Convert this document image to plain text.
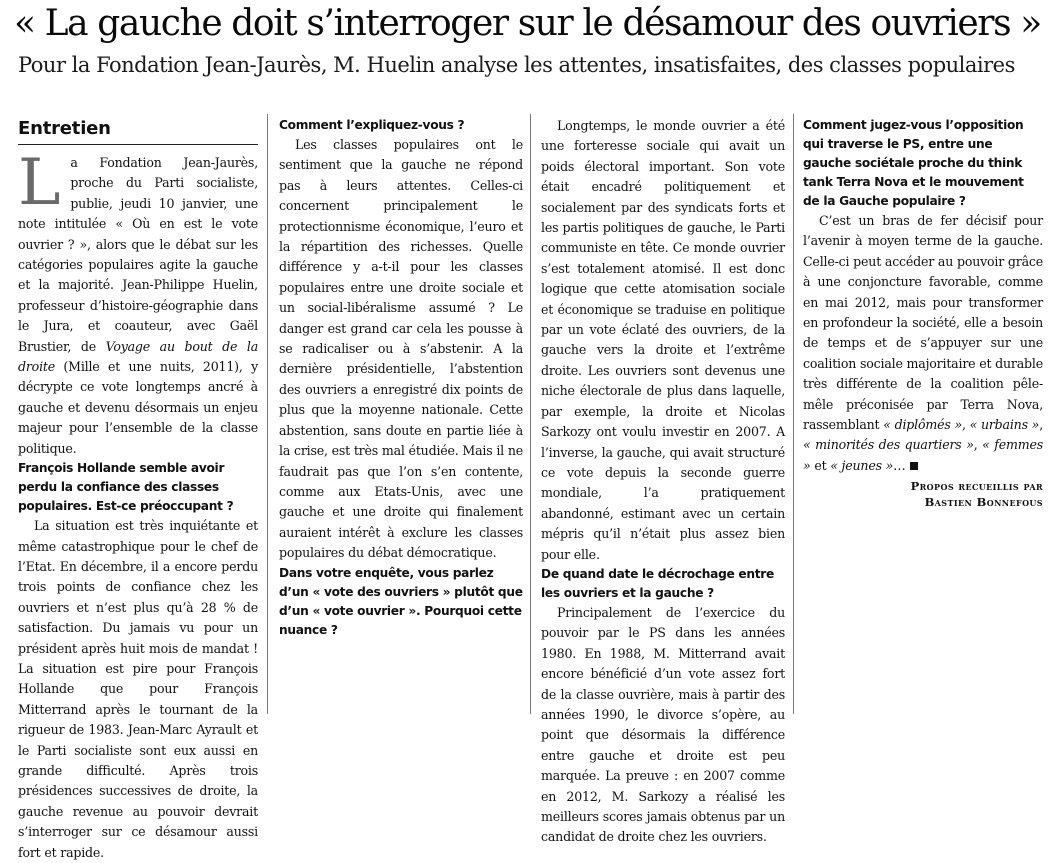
« La gauche doit s’interroger sur le désamour des ouvriers »
Pour la Fondation Jean-Jaurès, M. Huelin analyse les attentes, insatisfaites, des classes populaires
Entretien

La Fondation Jean-Jaurès, proche du Parti socialiste, publie, jeudi 10 janvier, une note intitulée « Où en est le vote ouvrier ? », alors que le débat sur les catégories populaires agite la gauche et la majorité. Jean-Philippe Huelin, professeur d’histoire-géographie dans le Jura, et coauteur, avec Gaël Brustier, de Voyage au bout de la droite (Mille et une nuits, 2011), y décrypte ce vote longtemps ancré à gauche et devenu désormais un enjeu majeur pour l’ensemble de la classe politique.

François Hollande semble avoir perdu la confiance des classes populaires. Est-ce préoccupant ?

La situation est très inquiétante et même catastrophique pour le chef de l’Etat. En décembre, il a encore perdu trois points de confiance chez les ouvriers et n’est plus qu’à 28 % de satisfaction. Du jamais vu pour un président après huit mois de mandat ! La situation est pire pour François Hollande que pour François Mitterrand après le tournant de la rigueur de 1983. Jean-Marc Ayrault et le Parti socialiste sont eux aussi en grande difficulté. Après trois présidences successives de droite, la gauche revenue au pouvoir devrait s’interroger sur ce désamour aussi fort et rapide.

Comment l’expliquez-vous ?

Les classes populaires ont le sentiment que la gauche ne répond pas à leurs attentes. Celles-ci concernent principalement le protectionnisme économique, l’euro et la répartition des richesses. Quelle différence y a-t-il pour les classes populaires entre une droite sociale et un social-libéralisme assumé ? Le danger est grand car cela les pousse à se radicaliser ou à s’abstenir. A la dernière présidentielle, l’abstention des ouvriers a enregistré dix points de plus que la moyenne nationale. Cette abstention, sans doute en partie liée à la crise, est très mal étudiée. Mais il ne faudrait pas que l’on s’en contente, comme aux Etats-Unis, avec une gauche et une droite qui finalement auraient intérêt à exclure les classes populaires du débat démocratique.

Dans votre enquête, vous parlez d’un « vote des ouvriers » plutôt que d’un « vote ouvrier ». Pourquoi cette nuance ?

Longtemps, le monde ouvrier a été une forteresse sociale qui avait un poids électoral important. Son vote était encadré politiquement et socialement par des syndicats forts et les partis politiques de gauche, le Parti communiste en tête. Ce monde ouvrier s’est totalement atomisé. Il est donc logique que cette atomisation sociale et économique se traduise en politique par un vote éclaté des ouvriers, de la gauche vers la droite et l’extrême droite. Les ouvriers sont devenus une niche électorale de plus dans laquelle, par exemple, la droite et Nicolas Sarkozy ont voulu investir en 2007. A l’inverse, la gauche, qui avait structuré ce vote depuis la seconde guerre mondiale, l’a pratiquement abandonné, estimant avec un certain mépris qu’il n’était plus assez bien pour elle.

De quand date le décrochage entre les ouvriers et la gauche ?

Principalement de l’exercice du pouvoir par le PS dans les années 1980. En 1988, M. Mitterrand avait encore bénéficié d’un vote assez fort de la classe ouvrière, mais à partir des années 1990, le divorce s’opère, au point que désormais la différence entre gauche et droite est peu marquée. La preuve : en 2007 comme en 2012, M. Sarkozy a réalisé les meilleurs scores jamais obtenus par un candidat de droite chez les ouvriers.

Comment jugez-vous l’opposition qui traverse le PS, entre une gauche sociétale proche du think tank Terra Nova et le mouvement de la Gauche populaire ?

C’est un bras de fer décisif pour l’avenir à moyen terme de la gauche. Celle-ci peut accéder au pouvoir grâce à une conjoncture favorable, comme en mai 2012, mais pour transformer en profondeur la société, elle a besoin de temps et de s’appuyer sur une coalition sociale majoritaire et durable très différente de la coalition pêle-mêle préconisée par Terra Nova, rassemblant « diplômés », « urbains », « minorités des quartiers », « femmes » et « jeunes »…

Propos recueillis par

Bastien Bonnefous
